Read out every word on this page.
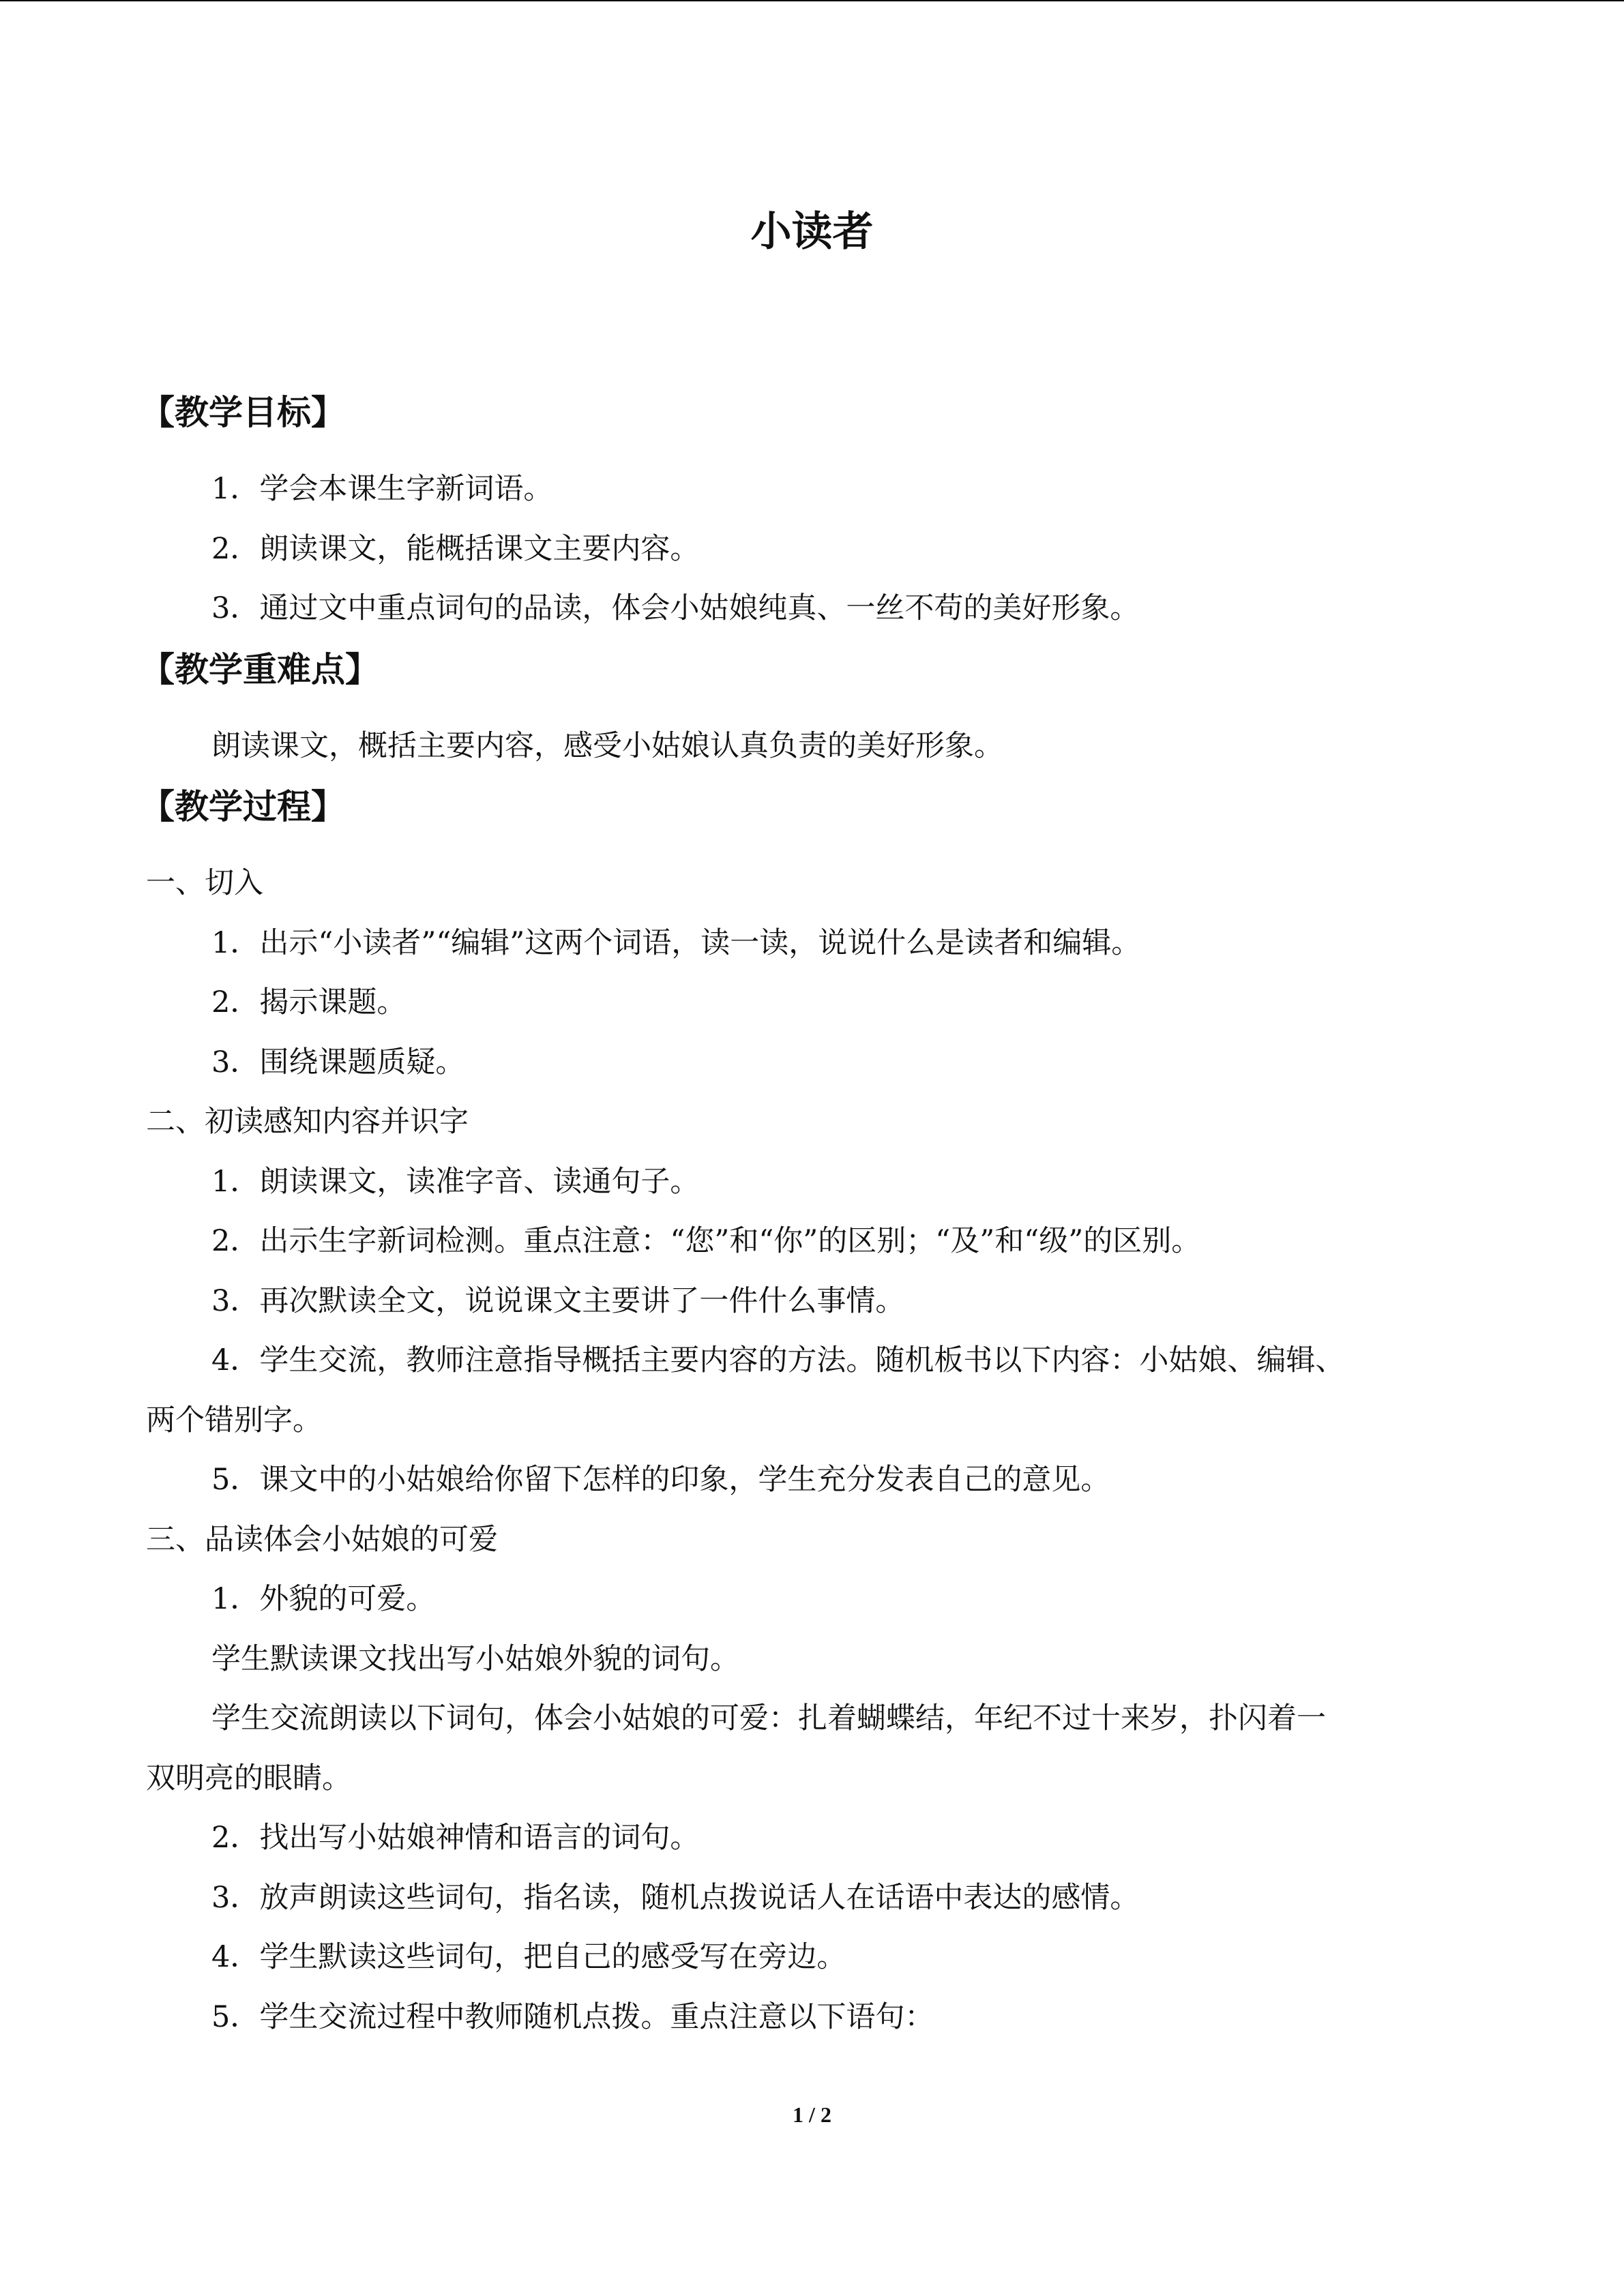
小读者
【教学目标】
1．学会本课生字新词语。
2．朗读课文，能概括课文主要内容。
3．通过文中重点词句的品读，体会小姑娘纯真、一丝不苟的美好形象。
【教学重难点】
朗读课文，概括主要内容，感受小姑娘认真负责的美好形象。
【教学过程】
一、切入
1．出示“小读者”“编辑”这两个词语，读一读，说说什么是读者和编辑。
2．揭示课题。
3．围绕课题质疑。
二、初读感知内容并识字
1．朗读课文，读准字音、读通句子。
2．出示生字新词检测。重点注意：“您”和“你”的区别；“及”和“级”的区别。
3．再次默读全文，说说课文主要讲了一件什么事情。
4．学生交流，教师注意指导概括主要内容的方法。随机板书以下内容：小姑娘、编辑、
两个错别字。
5．课文中的小姑娘给你留下怎样的印象，学生充分发表自己的意见。
三、品读体会小姑娘的可爱
1．外貌的可爱。
学生默读课文找出写小姑娘外貌的词句。
学生交流朗读以下词句，体会小姑娘的可爱：扎着蝴蝶结，年纪不过十来岁，扑闪着一
双明亮的眼睛。
2．找出写小姑娘神情和语言的词句。
3．放声朗读这些词句，指名读，随机点拨说话人在话语中表达的感情。
4．学生默读这些词句，把自己的感受写在旁边。
5．学生交流过程中教师随机点拨。重点注意以下语句：
1 / 2
